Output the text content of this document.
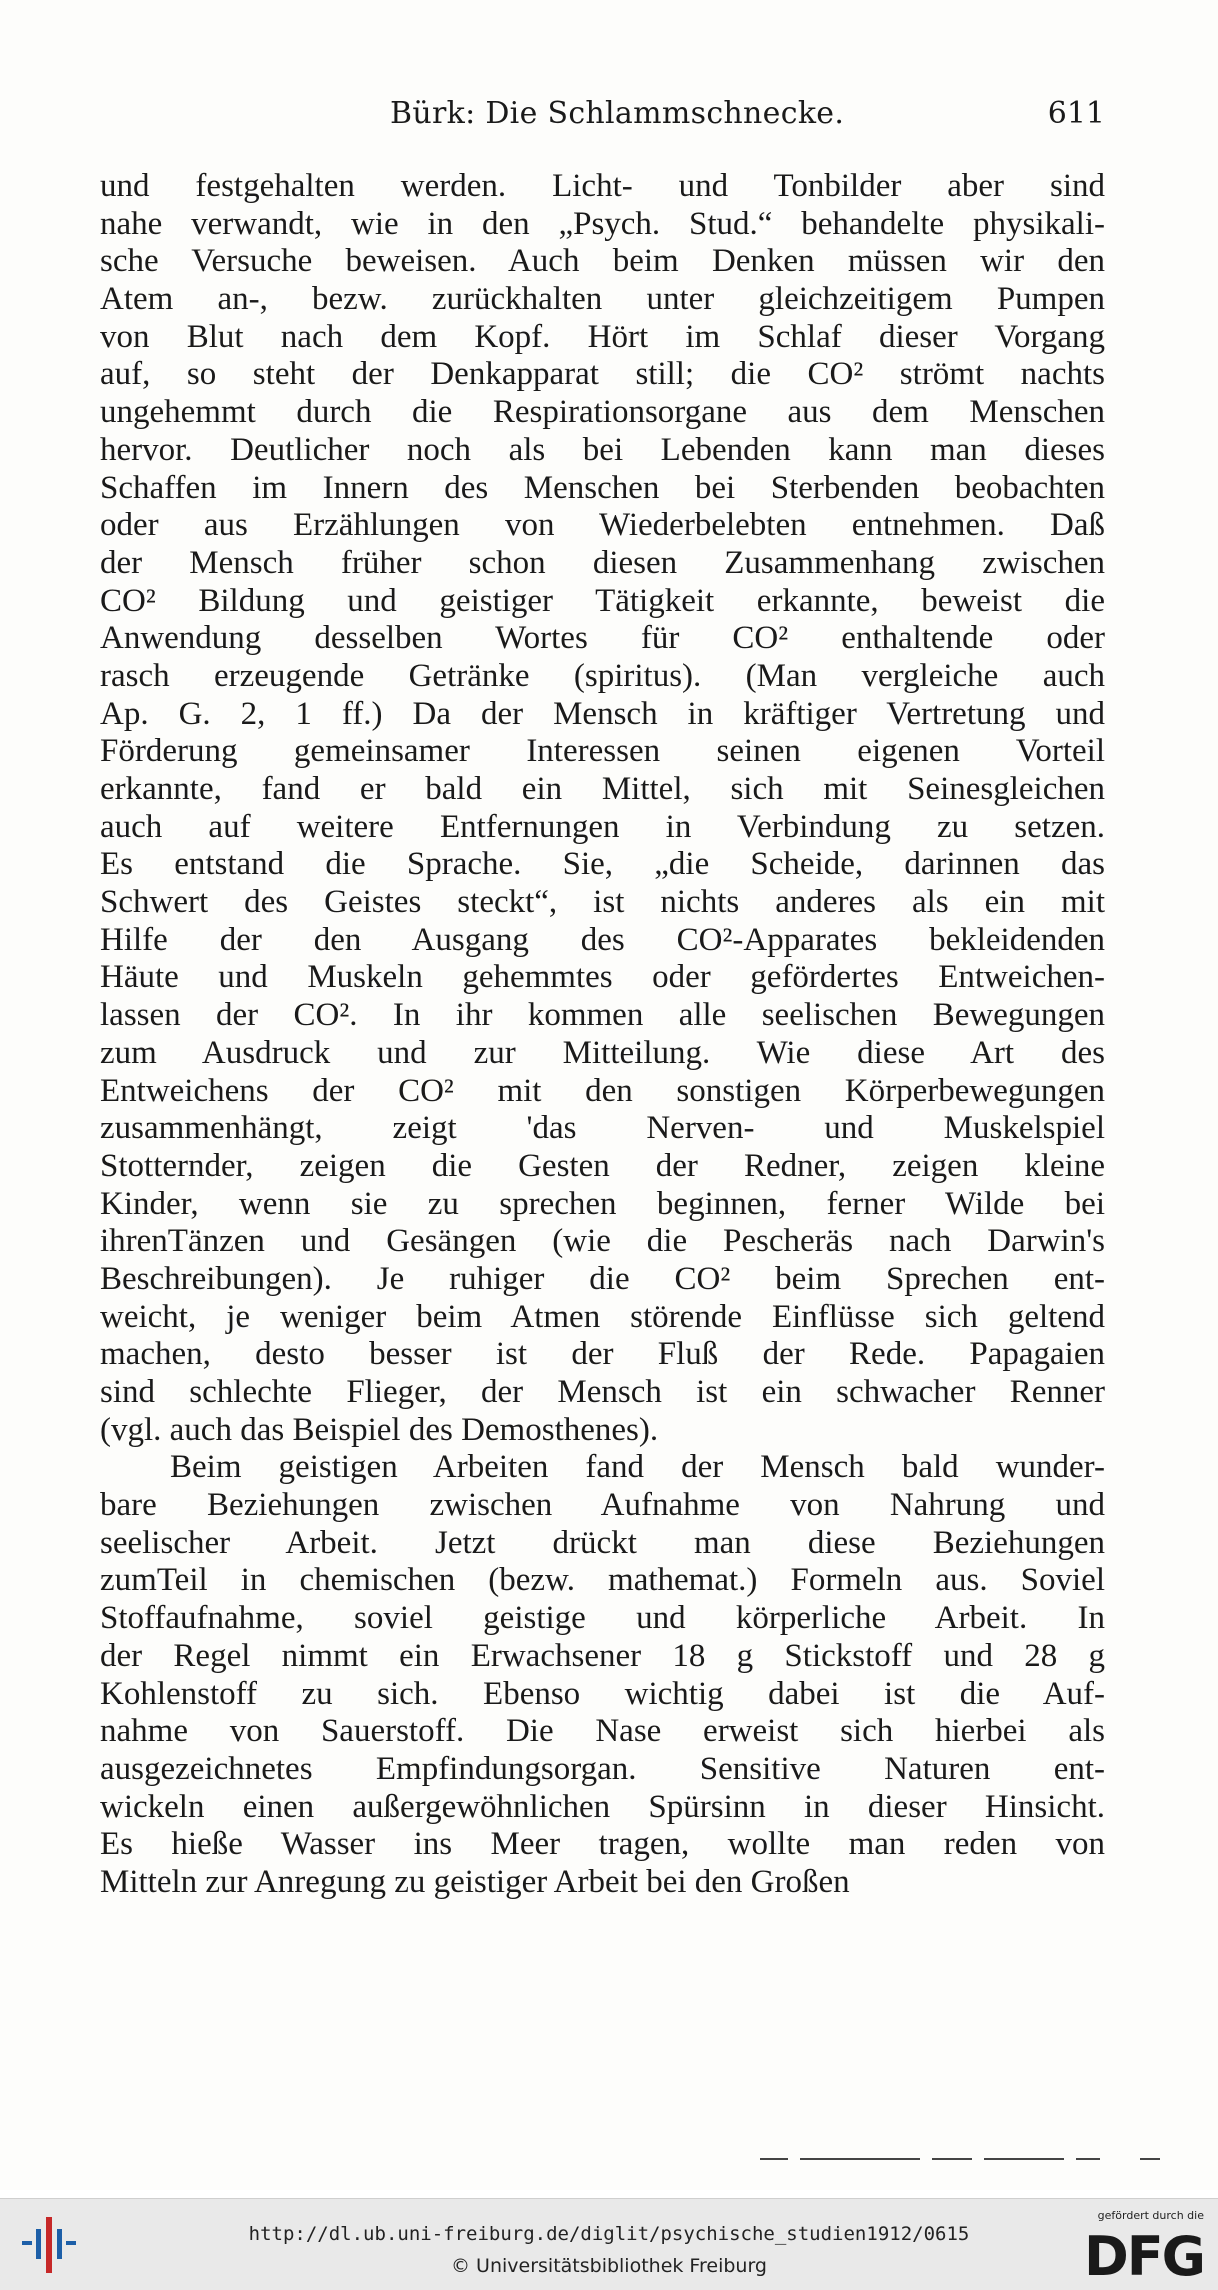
Bürk: Die Schlammschnecke.	611
und festgehalten werden. Licht- und Tonbilder aber sind
nahe verwandt, wie in den „Psych. Stud.“ behandelte physikali-
sche Versuche beweisen. Auch beim Denken müssen wir den
Atem an-, bezw. zurückhalten unter gleichzeitigem Pumpen
von Blut nach dem Kopf. Hört im Schlaf dieser Vorgang
auf, so steht der Denkapparat still; die CO² strömt nachts
ungehemmt durch die Respirationsorgane aus dem Menschen
hervor. Deutlicher noch als bei Lebenden kann man dieses
Schaffen im Innern des Menschen bei Sterbenden beobachten
oder aus Erzählungen von Wiederbelebten entnehmen. Daß
der Mensch früher schon diesen Zusammenhang zwischen
CO² Bildung und geistiger Tätigkeit erkannte, beweist die
Anwendung desselben Wortes für CO² enthaltende oder
rasch erzeugende Getränke (spiritus). (Man vergleiche auch
Ap. G. 2, 1 ff.) Da der Mensch in kräftiger Vertretung und
Förderung gemeinsamer Interessen seinen eigenen Vorteil
erkannte, fand er bald ein Mittel, sich mit Seinesgleichen
auch auf weitere Entfernungen in Verbindung zu setzen.
Es entstand die Sprache. Sie, „die Scheide, darinnen das
Schwert des Geistes steckt“, ist nichts anderes als ein mit
Hilfe der den Ausgang des CO²-Apparates bekleidenden
Häute und Muskeln gehemmtes oder gefördertes Entweichen-
lassen der CO². In ihr kommen alle seelischen Bewegungen
zum Ausdruck und zur Mitteilung. Wie diese Art des
Entweichens der CO² mit den sonstigen Körperbewegungen
zusammenhängt, zeigt 'das Nerven- und Muskelspiel
Stotternder, zeigen die Gesten der Redner, zeigen kleine
Kinder, wenn sie zu sprechen beginnen, ferner Wilde bei
ihrenTänzen und Gesängen (wie die Pescheräs nach Darwin's
Beschreibungen). Je ruhiger die CO² beim Sprechen ent-
weicht, je weniger beim Atmen störende Einflüsse sich geltend
machen, desto besser ist der Fluß der Rede. Papagaien
sind schlechte Flieger, der Mensch ist ein schwacher Renner
(vgl. auch das Beispiel des Demosthenes).
Beim geistigen Arbeiten fand der Mensch bald wunder-
bare Beziehungen zwischen Aufnahme von Nahrung und
seelischer Arbeit. Jetzt drückt man diese Beziehungen
zumTeil in chemischen (bezw. mathemat.) Formeln aus. Soviel
Stoffaufnahme, soviel geistige und körperliche Arbeit. In
der Regel nimmt ein Erwachsener 18 g Stickstoff und 28 g
Kohlenstoff zu sich. Ebenso wichtig dabei ist die Auf-
nahme von Sauerstoff. Die Nase erweist sich hierbei als
ausgezeichnetes Empfindungsorgan. Sensitive Naturen ent-
wickeln einen außergewöhnlichen Spürsinn in dieser Hinsicht.
Es hieße Wasser ins Meer tragen, wollte man reden von
Mitteln zur Anregung zu geistiger Arbeit bei den Großen
http://dl.ub.uni-freiburg.de/diglit/psychische_studien1912/0615
© Universitätsbibliothek Freiburg
gefördert durch die
DFG
